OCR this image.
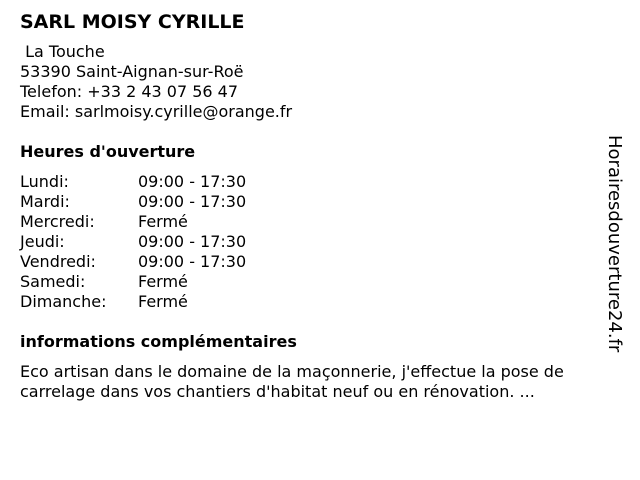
SARL MOISY CYRILLE
La Touche
53390 Saint-Aignan-sur-Roë
Telefon: +33 2 43 07 56 47
Email: sarlmoisy.cyrille@orange.fr
Heures d'ouverture
Lundi:	09:00 - 17:30
Mardi:	09:00 - 17:30
Mercredi:	Fermé
Jeudi:	09:00 - 17:30
Vendredi:	09:00 - 17:30
Samedi:	Fermé
Dimanche:	Fermé
informations complémentaires
Eco artisan dans le domaine de la maçonnerie, j'effectue la pose de carrelage dans vos chantiers d'habitat neuf ou en rénovation. ...
Horairesdouverture24.fr
